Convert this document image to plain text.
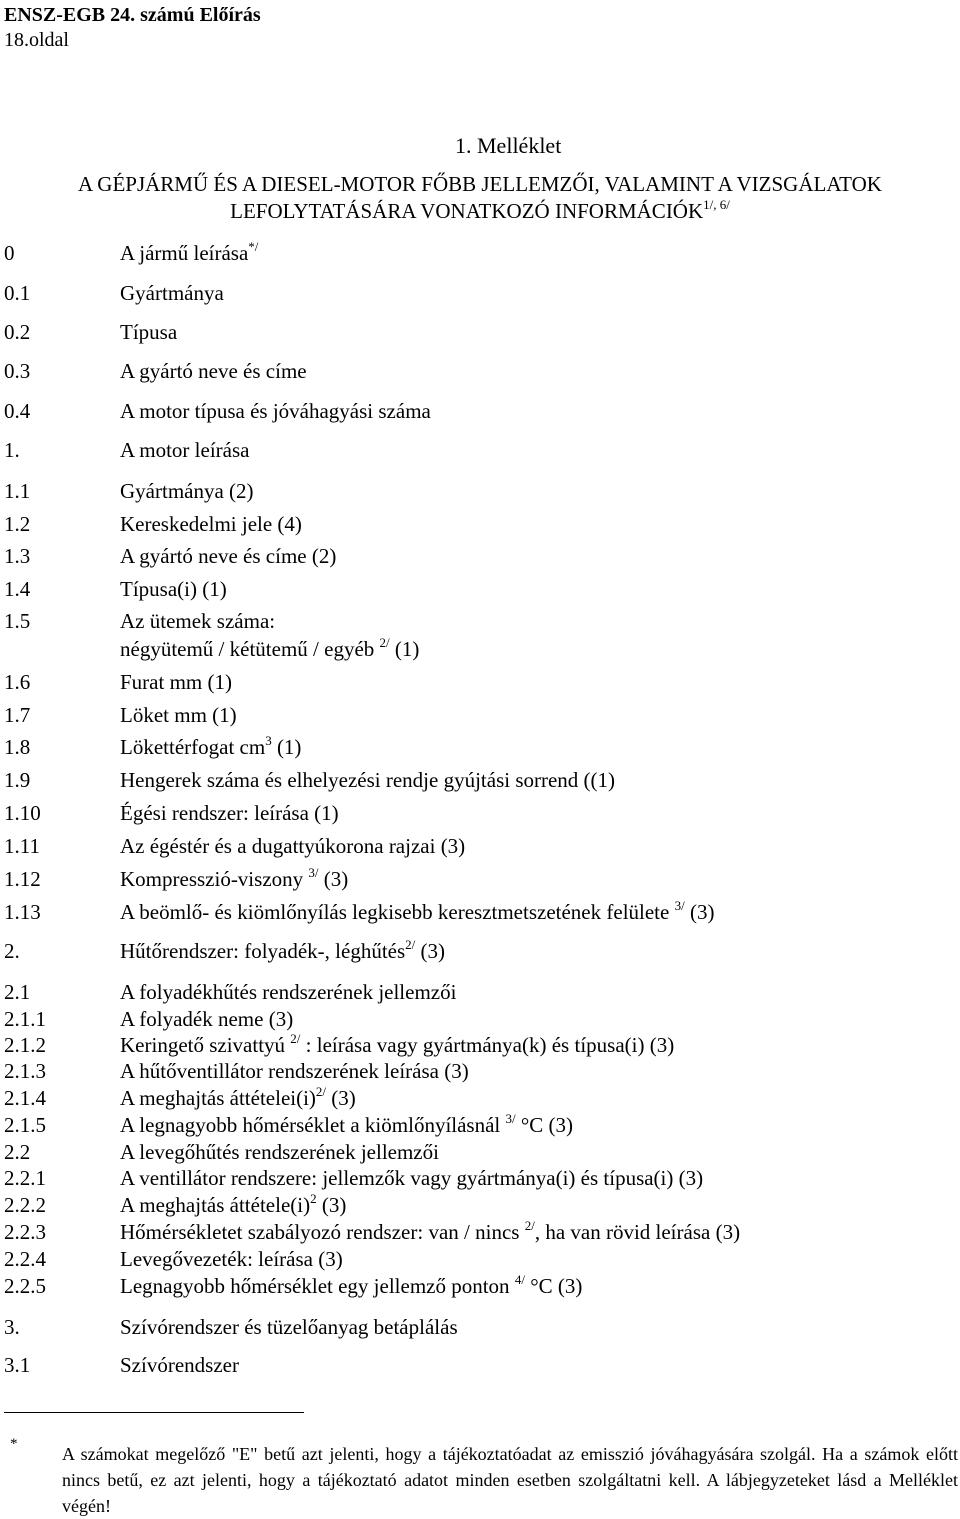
ENSZ-EGB 24. számú Előírás
18.oldal
1. Melléklet
A GÉPJÁRMŰ ÉS A DIESEL-MOTOR FŐBB JELLEMZŐI, VALAMINT A VIZSGÁLATOK
LEFOLYTATÁSÁRA VONATKOZÓ $INFORMÁCIÓK^{1/, 6/}$
0	A jármű leírása*/
0.1	Gyártmánya
0.2	Típusa
0.3	A gyártó neve és címe
0.4	A motor típusa és jóváhagyási száma
1.	A motor leírása
1.1	Gyártmánya (2)
1.2	Kereskedelmi jele (4)
1.3	A gyártó neve és címe (2)
1.4	Típusa(i) (1)
1.5	Az ütemek száma:
négyütemű / kétütemű / egyéb $^{2/}$ (1)
1.6	Furat mm (1)
1.7	Löket mm (1)
1.8	Lökettérfogat $cm^3$ (1)
1.9	Hengerek száma és elhelyezési rendje gyújtási sorrend ((1)
1.10	Égési rendszer: leírása (1)
1.11	Az égéstér és a dugattyúkorona rajzai (3)
1.12	Kompresszió-viszony $^{3/}$ (3)
1.13	A beömlő- és kiömlőnyílás legkisebb keresztmetszetének felülete $^{3/}$ (3)
2.	Hűtőrendszer: folyadék-, léghűtés$^{2/}$ (3)
2.1	A folyadékhűtés rendszerének jellemzői
2.1.1	A folyadék neme (3)
2.1.2	Keringető szivattyú $^{2/}$ : leírása vagy gyártmánya(k) és típusa(i) (3)
2.1.3	A hűtőventillátor rendszerének leírása (3)
2.1.4	A meghajtás $áttételei(i)^{2/}$ (3)
2.1.5	A legnagyobb hőmérséklet a kiömlőnyílásnál $^{3/}$ °C (3)
2.2	A levegőhűtés rendszerének jellemzői
2.2.1	A ventillátor rendszere: jellemzők vagy gyártmánya(i) és típusa(i) (3)
2.2.2	A meghajtás $áttétele(i)^2$ (3)
2.2.3	Hőmérsékletet szabályozó rendszer: van / nincs $^{2/}$, ha van rövid leírása (3)
2.2.4	Levegővezeték: leírása (3)
2.2.5	Legnagyobb hőmérséklet egy jellemző ponton $^{4/}$ °C (3)
3.	Szívórendszer és tüzelőanyag betáplálás
3.1	Szívórendszer
* A számokat megelőző "E" betű azt jelenti, hogy a tájékoztatóadat az emisszió jóváhagyására szolgál. Ha a számok előtt nincs betű, ez azt jelenti, hogy a tájékoztató adatot minden esetben szolgáltatni kell. A lábjegyzeteket lásd a Melléklet végén!
